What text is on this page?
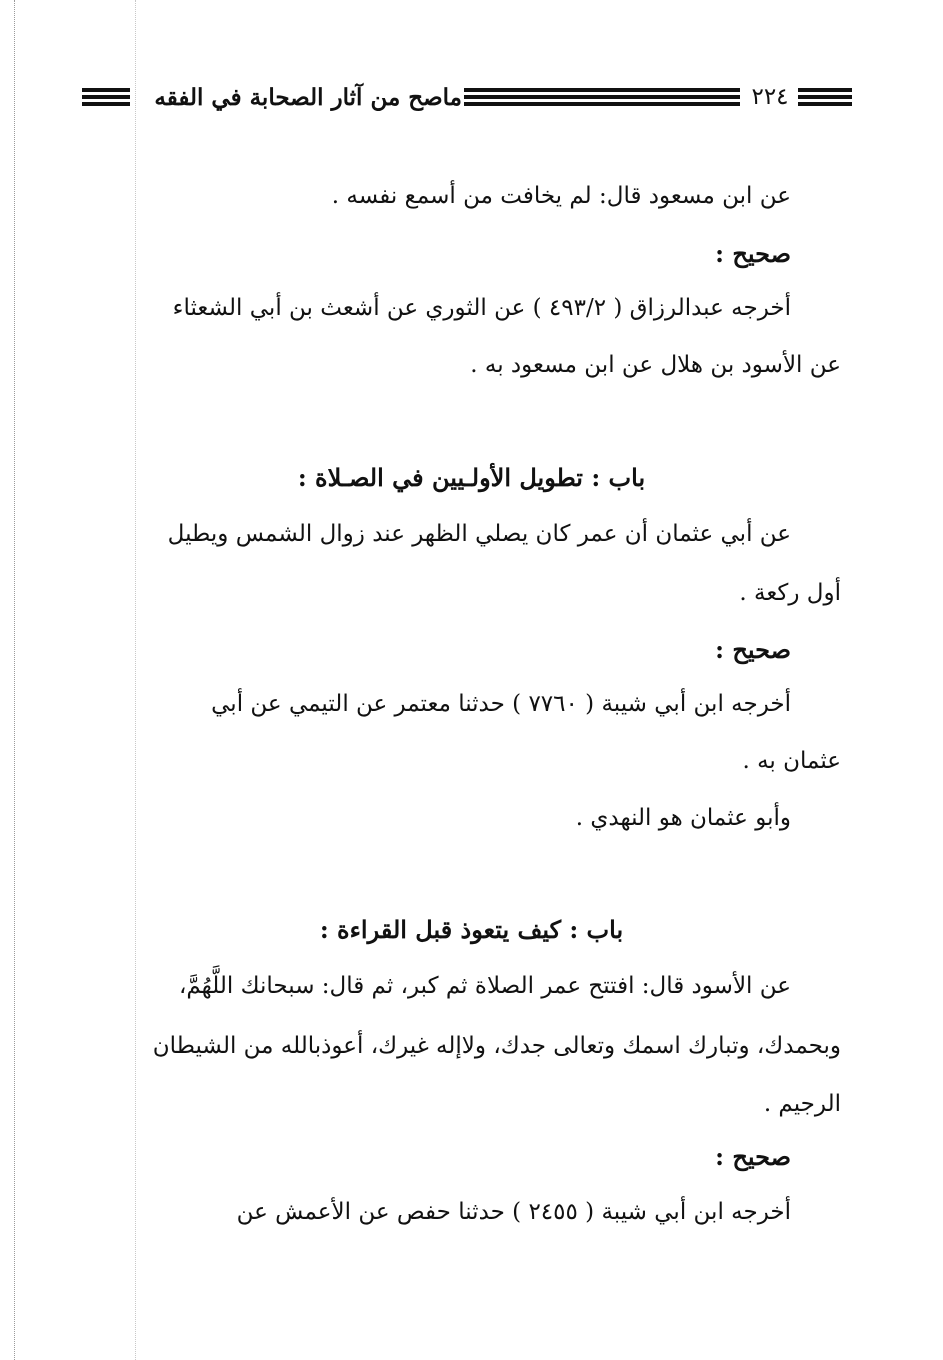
ماصح من آثار الصحابة في الفقه	٢٢٤
عن ابن مسعود قال: لم يخافت من أسمع نفسه .
صحيح :
أخرجه عبدالرزاق ( ٤٩٣/٢ ) عن الثوري عن أشعث بن أبي الشعثاء
عن الأسود بن هلال عن ابن مسعود به .
باب : تطويل الأولـيين في الصـلاة :
عن أبي عثمان أن عمر كان يصلي الظهر عند زوال الشمس ويطيل
أول ركعة .
صحيح :
أخرجه ابن أبي شيبة ( ٧٧٦٠ ) حدثنا معتمر عن التيمي عن أبي
عثمان به .
وأبو عثمان هو النهدي .
باب : كيف يتعوذ قبل القراءة :
عن الأسود قال: افتتح عمر الصلاة ثم كبر، ثم قال: سبحانك اللَّهُمَّ،
وبحمدك، وتبارك اسمك وتعالى جدك، ولاإله غيرك، أعوذبالله من الشيطان
الرجيم .
صحيح :
أخرجه ابن أبي شيبة ( ٢٤٥٥ ) حدثنا حفص عن الأعمش عن
